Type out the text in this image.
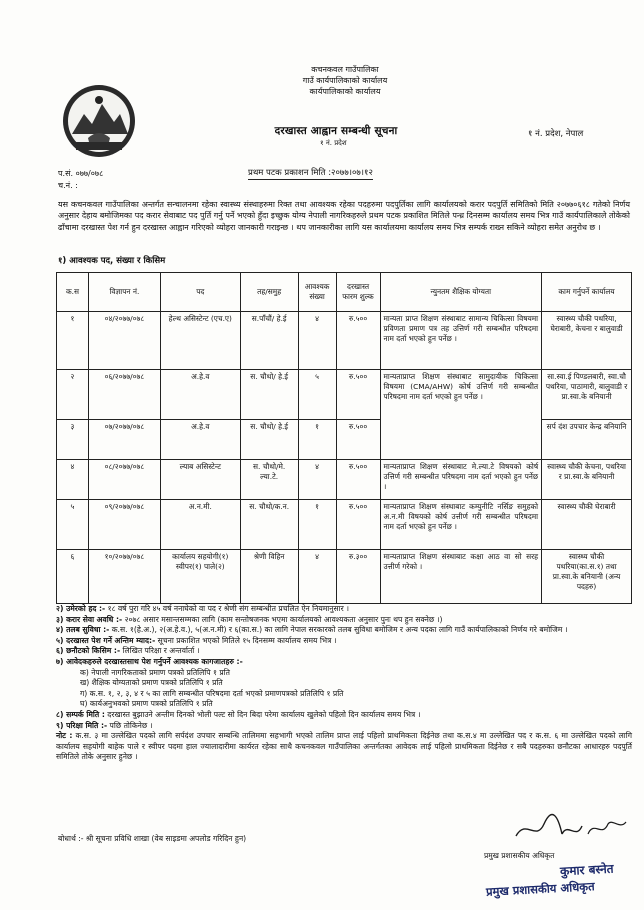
कचनकवल गाउँपालिका
गाउँ कार्यपालिकाको कार्यालय
कार्यपालिकाको कार्यालय
दरखास्त आह्वान सम्बन्धी सूचना
१ नं. प्रदेश
१ नं. प्रदेश, नेपाल
प.सं. ०७७/०७८
च.नं. :
प्रथम पटक प्रकाशन मिति :२०७७।०७।१२
यस कचनकवल गाउँपालिका अन्तर्गत सन्चालनमा रहेका स्वास्थ्य संस्थाहरुमा रिक्त तथा आवश्यक रहेका पदहरुमा पदपुर्तिका लागि कार्यालयको करार पदपुर्ति समितिको मिति २०७७०६१८ गतेको निर्णय अनुसार देहाय बमोजिमका पद करार सेवाबाट पद पुर्ति गर्नु पर्ने भएको हुँदा इच्छुक योग्य नेपाली नागरिकहरुले प्रथम पटक प्रकाशित मितिले पन्ध्र दिनसम्म कार्यालय समय भित्र गाउँ कार्यपालिकाले तोकेको ढाँचामा दरखास्त पेश गर्न हुन दरखास्त आह्वान गरिएको व्योहरा जानकारी गराइन्छ । थप जानकारीका लागि यस कार्यालयमा कार्यालय समय भित्र सम्पर्क राख्न सकिने व्योहरा समेत अनुरोध छ ।
१) आवश्यक पद, संख्या र किसिम
क.स	विज्ञापन नं.	पद	तह/समुह	आवश्यक संख्या	दरखास्त फारम शुल्क	न्युनतम शैक्षिक योग्यता	काम गर्नुपर्ने कार्यालय
१	०४/२०७७/०७८	हेल्थ असिस्टेन्ट (एच.ए)	स.पाँचौं/ हे.ई	४	रु.५००	मान्यता प्राप्त शिक्षण संस्थाबाट सामान्य चिकित्सा विषयमा प्रविणता प्रमाण पत्र तह उत्तिर्ण गरी सम्बन्धीत परिषदमा नाम दर्ता भएको हुन पर्नेछ ।	स्वास्थ्य चौकी पथरिया, घेराबारी, केचना र बालुवाडी
२	०६/२०७७/०७८	अ.हे.व	स. चौथो/ हे.ई	५	रु.५००	मान्यताप्राप्त शिक्षण संस्थाबाट सामुदायीक चिकित्सा विषयमा (CMA/AHW) कोर्ष उत्तिर्ण गरी सम्बन्धीत परिषदमा नाम दर्ता भएको हुन पर्नेछ ।	सा.स्वा.ई पिण्डलबारी, स्वा.चौ पथरिया, पाठामारी, बालुवाडी र प्रा.स्वा.के बनियानी
३	०७/२०७७/०७८	अ.हे.व	स. चौथो/ हे.ई	१	रु.५००		सर्प दंश उपचार केन्द्र बनियानि
४	०८/२०७७/०७८	ल्याब असिस्टेन्ट	स. चौथो/मे. ल्या.टे.	४	रु.५००	मान्यताप्राप्त शिक्षण संस्थाबाट मे.ल्या.टे विषयको कोर्ष उत्तिर्ण गरी सम्बन्धीत परिषदमा नाम दर्ता भएको हुन पर्नेछ ।	स्वास्थ्य चौकी केचना, पथरिया र प्रा.स्वा.के बनियानी
५	०९/२०७७/०७८	अ.न.मी.	स. चौथो/क.न.	१	रु.५००	मान्यताप्राप्त शिक्षण संस्थाबाट कम्युनीटि नर्सिङ समुहको अ.न.मी विषयको कोर्ष उत्तीर्ण गरी सम्बन्धीत परिषदमा नाम दर्ता भएको हुन पर्नेछ ।	स्वास्थ्य चौकी घेराबारी
६	१०/२०७७/०७८	कार्यालय सहयोगी(१) स्वीपर(१) पाले(२)	श्रेणी विहिन	४	रु.३००	मान्यताप्राप्त शिक्षण संस्थाबाट कक्षा आठ वा सो सरह उत्तीर्ण गरेको ।	स्वास्थ्य चौकी पथरिया(का.स.१) तथा प्रा.स्वा.के बनियानी (अन्य पदहरु)

२) उमेरको हद :- १८ वर्ष पुरा गरि ४५ वर्ष ननाघेको वा पद र श्रेणी संग सम्बन्धीत प्रचलित ऐन नियमानुसार ।

३) करार सेवा अवधि :- २०७८ असार मसान्तसम्मका लागि (काम सन्तोषजनक भएमा कार्यालयको आवश्यकता अनुसार पुनः थप हुन सक्नेछ ।)

४) तलब सुविधा :- क.स. १(हे.अ.), २(अ.हे.व.), ५(अ.न.मी) र ६(का.स.) का लागि नेपाल सरकारको तलब सुविधा बमोजिम र अन्य पदका लागि गाउँ कार्यपालिकाको निर्णय गरे बमोजिम ।

५) दरखास्त पेश गर्ने अन्तिम म्याद:- सूचना प्रकाशित भएको मितिले १५ दिनसम्म कार्यालय समय भित्र ।

६) छनौटको किसिम :- लिखित परिक्षा र अन्तर्वार्ता ।

७) आवेदकहरुले दरखास्तसाथ पेश गर्नुपर्ने आवश्यक कागजातहरु :-

क) नेपाली नागरिकताको प्रमाण पत्रको प्रतिलिपि १ प्रति

ख) शैक्षिक योग्यताको प्रमाण पत्रको प्रतिलिपि १ प्रति

ग) क.स. १, २, ३, ४ र ५ का लागि सम्बन्धीत परिषदमा दर्ता भएको प्रमाणपत्रको प्रतिलिपि १ प्रति

घ) कार्यअनुभवको प्रमाण पत्रको प्रतिलिपि १ प्रति

८) सम्पर्क मिति : दरखास्त बुझाउने अन्तीम दिनको भोली पल्ट सो दिन बिदा परेमा कार्यालय खुलेको पहिलो दिन कार्यालय समय भित्र ।

९) परिक्षा मिति :- पछि तोकिनेछ ।

नोट : क.स. ३ मा उल्लेखित पदको लागि सर्पदंश उपचार सम्बन्धि तालिममा सहभागी भएको तालिम प्राप्त लाई पहिलो प्राथमिकता दिईनेछ तथा क.स.४ मा उल्लेखित पद र क.स. ६ मा उल्लेखित पदको लागि कार्यालय सहयोगी बाहेक पाले र स्वीपर पदमा हाल ज्यालादारीमा कार्यरत रहेका साथै कचनकवल गाउँपालिका अन्तर्गतका आवेदक लाई पहिलो प्राथमिकता दिईनेछ र सबै पदहरुका छनौटका आधारहरु पदपुर्ति समितिले तोके अनुसार हुनेछ ।

बोधार्थ :- श्री सूचना प्रविधि शाखा (वेब साइडमा अपलोड गरिदिन हुन)
प्रमुख प्रशासकीय अधिकृत
कुमार बस्नेत
प्रमुख प्रशासकीय अधिकृत
